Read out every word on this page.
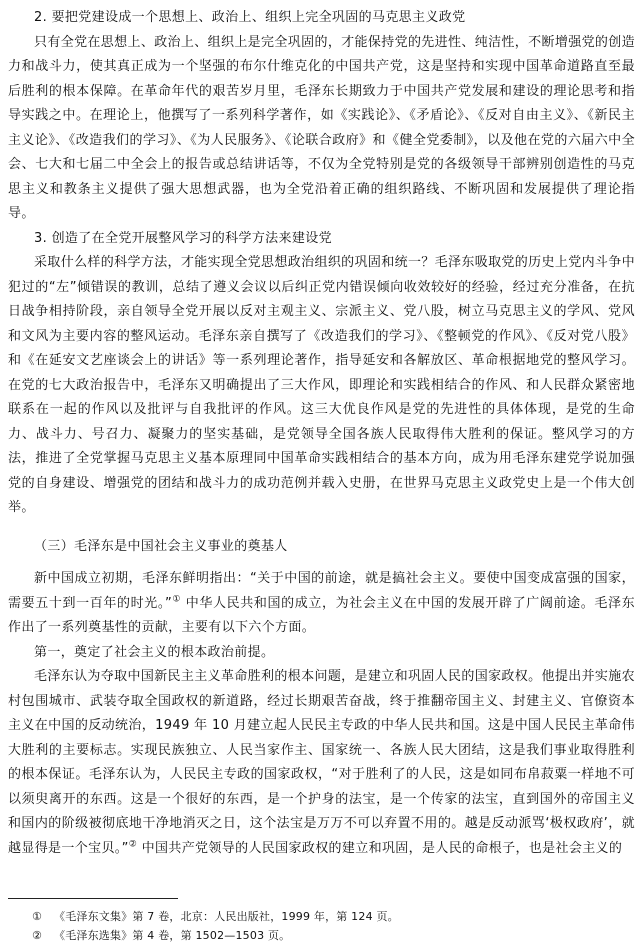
2. 要把党建设成一个思想上、政治上、组织上完全巩固的马克思主义政党

只有全党在思想上、政治上、组织上是完全巩固的，才能保持党的先进性、纯洁性，不断增强党的创造力和战斗力，使其真正成为一个坚强的布尔什维克化的中国共产党，这是坚持和实现中国革命道路直至最后胜利的根本保障。在革命年代的艰苦岁月里，毛泽东长期致力于中国共产党发展和建设的理论思考和指导实践之中。在理论上，他撰写了一系列科学著作，如《实践论》、《矛盾论》、《反对自由主义》、《新民主主义论》、《改造我们的学习》、《为人民服务》、《论联合政府》和《健全党委制》，以及他在党的六届六中全会、七大和七届二中全会上的报告或总结讲话等，不仅为全党特别是党的各级领导干部辨别创造性的马克思主义和教条主义提供了强大思想武器，也为全党沿着正确的组织路线、不断巩固和发展提供了理论指导。

3. 创造了在全党开展整风学习的科学方法来建设党

采取什么样的科学方法，才能实现全党思想政治组织的巩固和统一？毛泽东吸取党的历史上党内斗争中犯过的“左”倾错误的教训，总结了遵义会议以后纠正党内错误倾向收效较好的经验，经过充分准备，在抗日战争相持阶段，亲自领导全党开展以反对主观主义、宗派主义、党八股，树立马克思主义的学风、党风和文风为主要内容的整风运动。毛泽东亲自撰写了《改造我们的学习》、《整顿党的作风》、《反对党八股》和《在延安文艺座谈会上的讲话》等一系列理论著作，指导延安和各解放区、革命根据地党的整风学习。在党的七大政治报告中，毛泽东又明确提出了三大作风，即理论和实践相结合的作风、和人民群众紧密地联系在一起的作风以及批评与自我批评的作风。这三大优良作风是党的先进性的具体体现，是党的生命力、战斗力、号召力、凝聚力的坚实基础，是党领导全国各族人民取得伟大胜利的保证。整风学习的方法，推进了全党掌握马克思主义基本原理同中国革命实践相结合的基本方向，成为用毛泽东建党学说加强党的自身建设、增强党的团结和战斗力的成功范例并载入史册，在世界马克思主义政党史上是一个伟大创举。

（三）毛泽东是中国社会主义事业的奠基人

新中国成立初期，毛泽东鲜明指出：“关于中国的前途，就是搞社会主义。要使中国变成富强的国家，需要五十到一百年的时光。”① 中华人民共和国的成立，为社会主义在中国的发展开辟了广阔前途。毛泽东作出了一系列奠基性的贡献，主要有以下六个方面。

第一，奠定了社会主义的根本政治前提。

毛泽东认为夺取中国新民主主义革命胜利的根本问题，是建立和巩固人民的国家政权。他提出并实施农村包围城市、武装夺取全国政权的新道路，经过长期艰苦奋战，终于推翻帝国主义、封建主义、官僚资本主义在中国的反动统治，1949 年 10 月建立起人民民主专政的中华人民共和国。这是中国人民民主革命伟大胜利的主要标志。实现民族独立、人民当家作主、国家统一、各族人民大团结，这是我们事业取得胜利的根本保证。毛泽东认为，人民民主专政的国家政权，“对于胜利了的人民，这是如同布帛菽粟一样地不可以须臾离开的东西。这是一个很好的东西，是一个护身的法宝，是一个传家的法宝，直到国外的帝国主义和国内的阶级被彻底地干净地消灭之日，这个法宝是万万不可以弃置不用的。越是反动派骂‘极权政府’，就越显得是一个宝贝。”② 中国共产党领导的人民国家政权的建立和巩固，是人民的命根子，也是社会主义的

① 《毛泽东文集》第 7 卷，北京：人民出版社，1999 年，第 124 页。

② 《毛泽东选集》第 4 卷，第 1502—1503 页。
